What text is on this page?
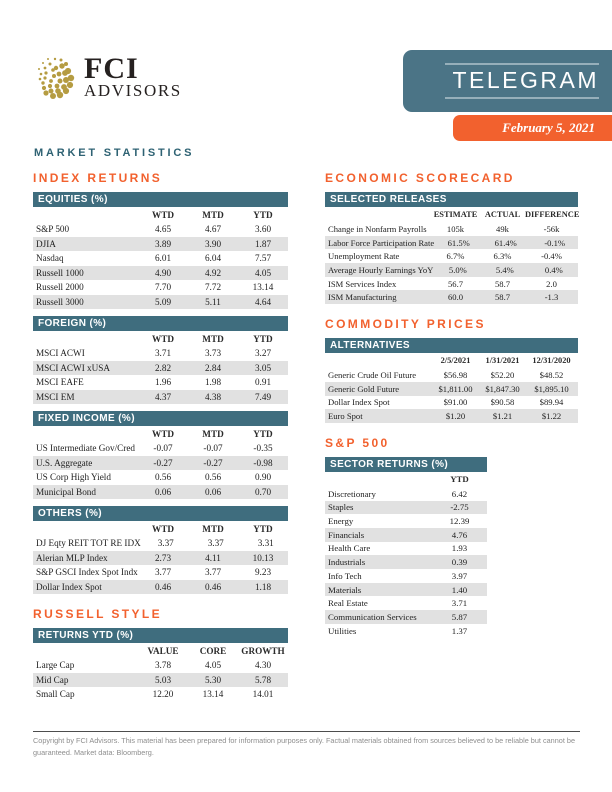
FCI
ADVISORS	TELEGRAM
February 5, 2021
MARKET STATISTICS
INDEX RETURNS
EQUITIES (%)
WTD	MTD	YTD
S&P 500	4.65	4.67	3.60
DJIA	3.89	3.90	1.87
Nasdaq	6.01	6.04	7.57
Russell 1000	4.90	4.92	4.05
Russell 2000	7.70	7.72	13.14
Russell 3000	5.09	5.11	4.64
FOREIGN (%)
WTD	MTD	YTD
MSCI ACWI	3.71	3.73	3.27
MSCI ACWI xUSA	2.82	2.84	3.05
MSCI EAFE	1.96	1.98	0.91
MSCI EM	4.37	4.38	7.49
FIXED INCOME (%)
WTD	MTD	YTD
US Intermediate Gov/Cred	-0.07	-0.07	-0.35
U.S. Aggregate	-0.27	-0.27	-0.98
US Corp High Yield	0.56	0.56	0.90
Municipal Bond	0.06	0.06	0.70
OTHERS (%)
WTD	MTD	YTD
DJ Eqty REIT TOT RE IDX	3.37	3.37	3.31
Alerian MLP Index	2.73	4.11	10.13
S&P GSCI Index Spot Indx	3.77	3.77	9.23
Dollar Index Spot	0.46	0.46	1.18
RUSSELL STYLE
RETURNS YTD (%)
VALUE	CORE	GROWTH
Large Cap	3.78	4.05	4.30
Mid Cap	5.03	5.30	5.78
Small Cap	12.20	13.14	14.01
ECONOMIC SCORECARD
SELECTED RELEASES
ESTIMATE ACTUAL DIFFERENCE
Change in Nonfarm Payrolls	105k	49k	-56k
Labor Force Participation Rate	61.5%	61.4%	-0.1%
Unemployment Rate	6.7%	6.3%	-0.4%
Average Hourly Earnings YoY	5.0%	5.4%	0.4%
ISM Services Index	56.7	58.7	2.0
ISM Manufacturing	60.0	58.7	-1.3
COMMODITY PRICES
ALTERNATIVES
2/5/2021	1/31/2021	12/31/2020
Generic Crude Oil Future	$56.98	$52.20	$48.52
Generic Gold Future	$1,811.00	$1,847.30	$1,895.10
Dollar Index Spot	$91.00	$90.58	$89.94
Euro Spot	$1.20	$1.21	$1.22
S&P 500
SECTOR RETURNS (%)
YTD
Discretionary	6.42
Staples	-2.75
Energy	12.39
Financials	4.76
Health Care	1.93
Industrials	0.39
Info Tech	3.97
Materials	1.40
Real Estate	3.71
Communication Services	5.87
Utilities	1.37

Copyright by FCI Advisors. This material has been prepared for information purposes only. Factual materials obtained from sources believed to be reliable but cannot be guaranteed. Market data: Bloomberg.
